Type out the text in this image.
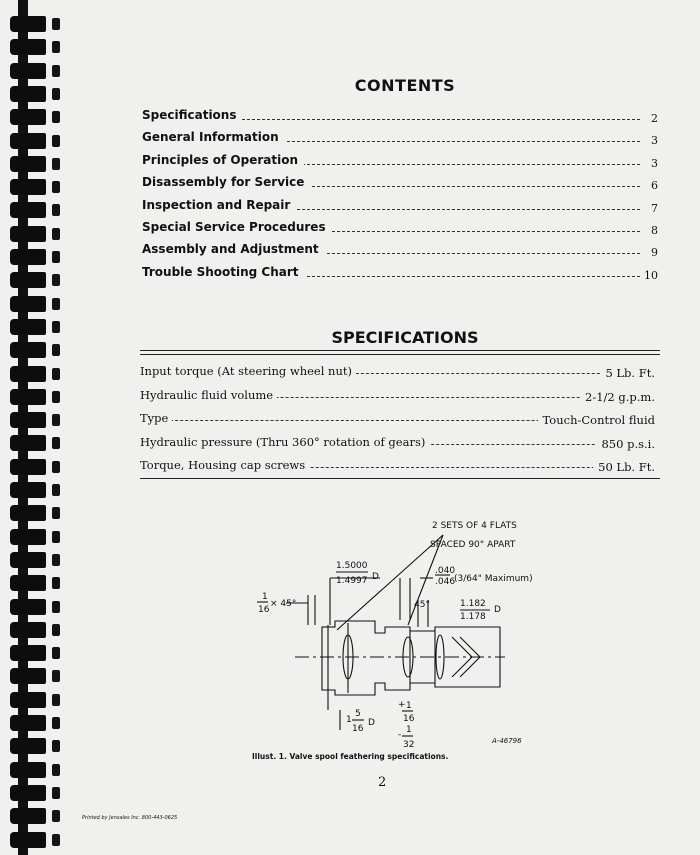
CONTENTS
Specifications	2
General Information	3
Principles of Operation	3
Disassembly for Service	6
Inspection and Repair	7
Special Service Procedures	8
Assembly and Adjustment	9
Trouble Shooting Chart	10
SPECIFICATIONS
Input torque (At steering wheel nut)	5 Lb. Ft.
Hydraulic fluid volume	2-1/2 g.p.m.
Type	Touch-Control fluid
Hydraulic pressure (Thru 360° rotation of gears)	850 p.s.i.
Torque, Housing cap screws	50 Lb. Ft.
2 SETS OF 4 FLATS
SPACED 90° APART
1.5000
1.4997 D
.040
.046
(3/64" Maximum)
1
16
× 45°	45°	1.182
1.178
D
1
5
16
D
+ 1
16
- 1
32	A-46796
Illust. 1. Valve spool feathering specifications.
2
Printed by Jensales Inc. 800-443-0625
